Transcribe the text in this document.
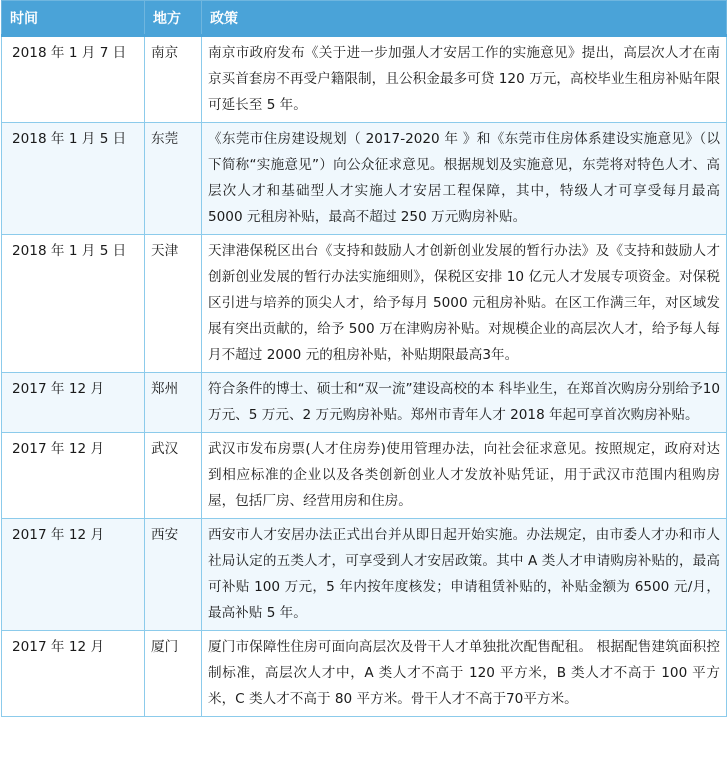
时间	地方	政策
2018 年 1 月 7 日	南京	南京市政府发布《关于进一步加强人才安居工作的实施意见》提出，高层次人才在南京买首套房不再受户籍限制，且公积金最多可贷 120 万元，高校毕业生租房补贴年限可延长至 5 年。
2018 年 1 月 5 日	东莞	《东莞市住房建设规划（ 2017-2020 年 》和《东莞市住房体系建设实施意见》（以下简称“实施意见”）向公众征求意见。根据规划及实施意见，东莞将对特色人才、高层次人才和基础型人才实施人才安居工程保障，其中，特级人才可享受每月最高 5000 元租房补贴，最高不超过 250 万元购房补贴。
2018 年 1 月 5 日	天津	天津港保税区出台《支持和鼓励人才创新创业发展的暂行办法》及《支持和鼓励人才创新创业发展的暂行办法实施细则》，保税区安排 10 亿元人才发展专项资金。对保税区引进与培养的顶尖人才，给予每月 5000 元租房补贴。在区工作满三年，对区域发展有突出贡献的，给予 500 万在津购房补贴。对规模企业的高层次人才，给予每人每月不超过 2000 元的租房补贴，补贴期限最高3年。
2017 年 12 月	郑州	符合条件的博士、硕士和“双一流”建设高校的本 科毕业生，在郑首次购房分别给予10万元、5 万元、2 万元购房补贴。郑州市青年人才 2018 年起可享首次购房补贴。
2017 年 12 月	武汉	武汉市发布房票(人才住房券)使用管理办法，向社会征求意见。按照规定，政府对达到相应标准的企业以及各类创新创业人才发放补贴凭证，用于武汉市范围内租购房屋，包括厂房、经营用房和住房。
2017 年 12 月	西安	西安市人才安居办法正式出台并从即日起开始实施。办法规定，由市委人才办和市人社局认定的五类人才，可享受到人才安居政策。其中 A 类人才申请购房补贴的，最高可补贴 100 万元，5 年内按年度核发；申请租赁补贴的，补贴金额为 6500 元/月，最高补贴 5 年。
2017 年 12 月	厦门	厦门市保障性住房可面向高层次及骨干人才单独批次配售配租。 根据配售建筑面积控制标准，高层次人才中，A 类人才不高于 120 平方米，B 类人才不高于 100 平方米，C 类人才不高于 80 平方米。骨干人才不高于70平方米。
